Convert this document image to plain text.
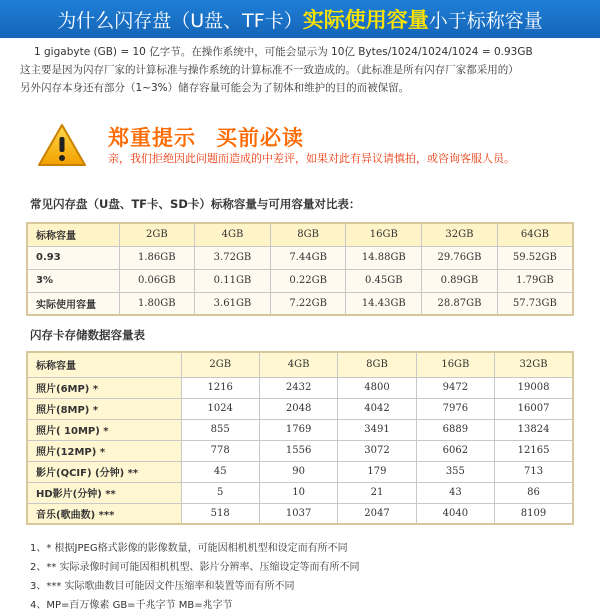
为什么闪存盘（U盘、TF卡） 实际使用容量 小于标称容量
1 gigabyte (GB) = 10 亿字节。在操作系统中，可能会显示为 10亿 Bytes/1024/1024/1024 = 0.93GB
这主要是因为闪存厂家的计算标准与操作系统的计算标准不一致造成的。（此标准是所有闪存厂家都采用的）
另外闪存本身还有部分（1~3%）储存容量可能会为了韧体和维护的目的而被保留。
郑重提示 买前必读
亲，我们拒绝因此问题而造成的中差评，如果对此有异议请慎拍，或咨询客服人员。
常见闪存盘（U盘、TF卡、SD卡）标称容量与可用容量对比表：
标称容量	2GB	4GB	8GB	16GB	32GB	64GB
0.93	1.86GB	3.72GB	7.44GB	14.88GB	29.76GB	59.52GB
3%	0.06GB	0.11GB	0.22GB	0.45GB	0.89GB	1.79GB
实际使用容量	1.80GB	3.61GB	7.22GB	14.43GB	28.87GB	57.73GB
闪存卡存储数据容量表
标称容量	2GB	4GB	8GB	16GB	32GB
照片(6MP) *	1216	2432	4800	9472	19008
照片(8MP) *	1024	2048	4042	7976	16007
照片( 10MP) *	855	1769	3491	6889	13824
照片(12MP) *	778	1556	3072	6062	12165
影片(QCIF) (分钟) **	45	90	179	355	713
HD影片(分钟) **	5	10	21	43	86
音乐(歌曲数) ***	518	1037	2047	4040	8109
1、* 根据JPEG格式影像的影像数量，可能因相机机型和设定而有所不同
2、** 实际录像时间可能因相机机型、影片分辨率、压缩设定等而有所不同
3、*** 实际歌曲数目可能因文件压缩率和装置等而有所不同
4、MP=百万像素 GB=千兆字节 MB=兆字节
